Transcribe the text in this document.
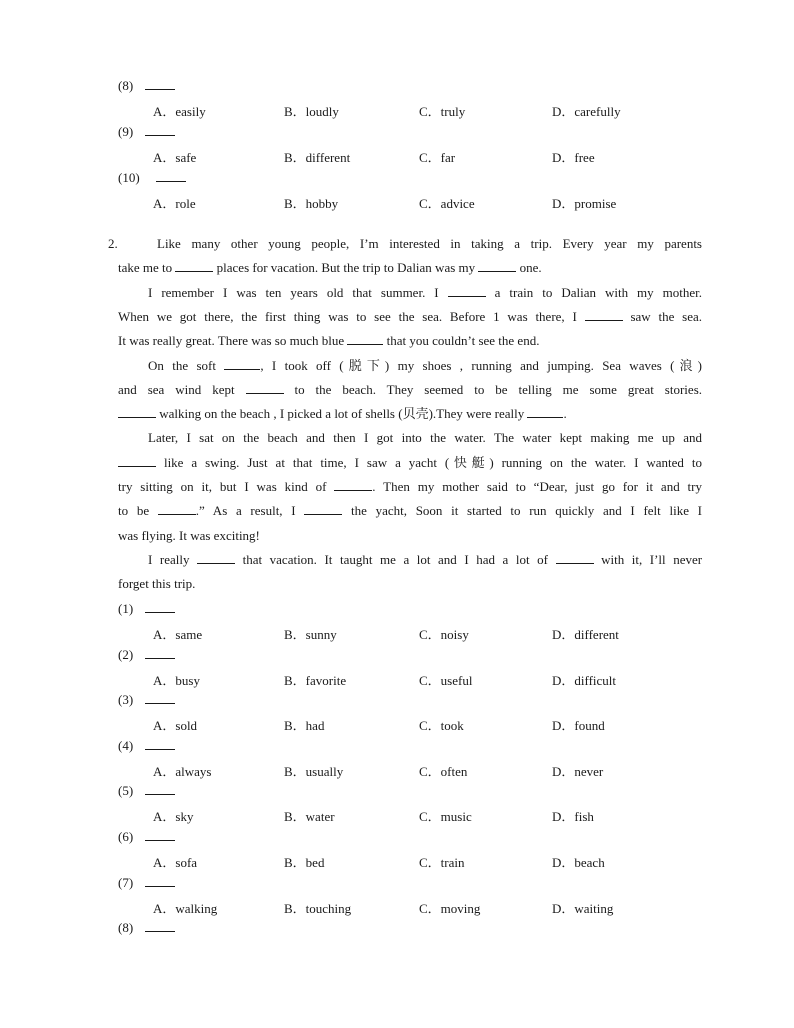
(8)
A．easily	B．loudly	C．truly	D．carefully
(9)
A．safe	B．different	C．far	D．free
(10)
A．role	B．hobby	C．advice	D．promise
2.	Like many other young people, I’m interested in taking a trip. Every year my parents
take me to	places for vacation. But the trip to Dalian was my	one.
I remember I was ten years old that summer. I	a train to Dalian with my mother.
When we got there, the first thing was to see the sea. Before 1 was there, I	saw the sea.
It was really great. There was so much blue	that you couldn’t see the end.
On the soft	, I took off (脱下) my shoes , running and jumping. Sea waves (浪)
and sea wind kept	to the beach. They seemed to be telling me some great stories.
walking on the beach , I picked a lot of shells (贝壳).They were really	.
Later, I sat on the beach and then I got into the water. The water kept making me up and
like a swing. Just at that time, I saw a yacht (快艇) running on the water. I wanted to
try sitting on it, but I was kind of	. Then my mother said to “Dear, just go for it and try
to be	.” As a result, I	the yacht, Soon it started to run quickly and I felt like I
was flying. It was exciting!
I really	that vacation. It taught me a lot and I had a lot of	with it, I’ll never
forget this trip.
(1)
A．same	B．sunny	C．noisy	D．different
(2)
A．busy	B．favorite	C．useful	D．difficult
(3)
A．sold	B．had	C．took	D．found
(4)
A．always	B．usually	C．often	D．never
(5)
A．sky	B．water	C．music	D．fish
(6)
A．sofa	B．bed	C．train	D．beach
(7)
A．walking	B．touching	C．moving	D．waiting
(8)
